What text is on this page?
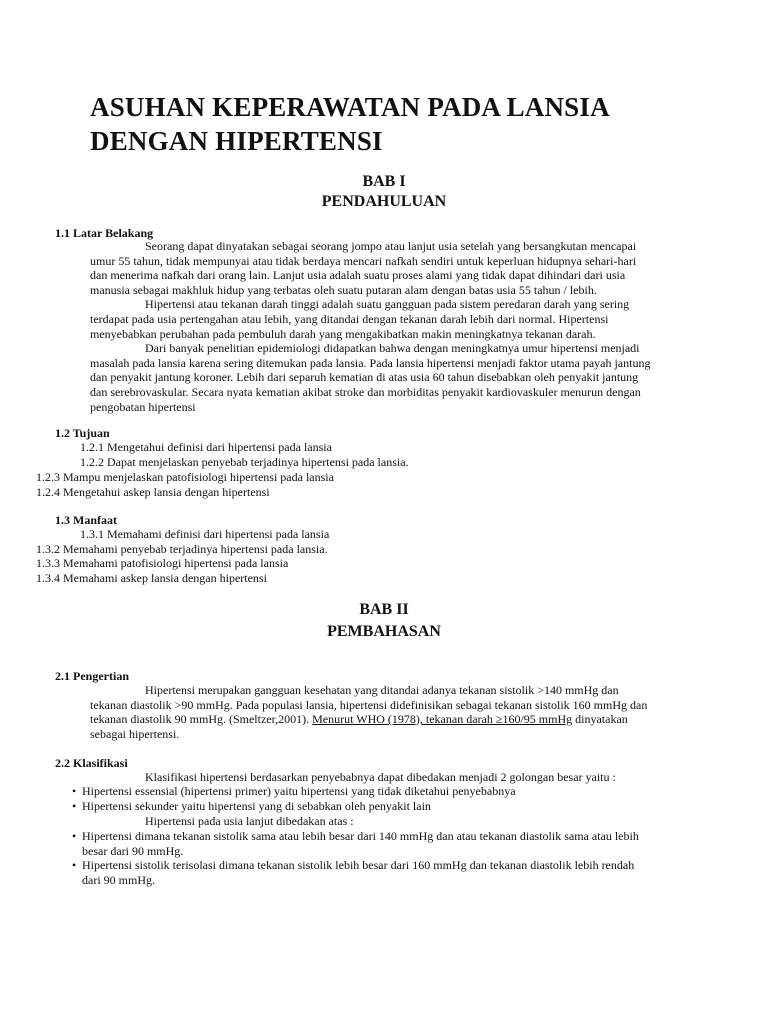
ASUHAN KEPERAWATAN PADA LANSIA
DENGAN HIPERTENSI
BAB I
PENDAHULUAN
1.1 Latar Belakang
Seorang dapat dinyatakan sebagai seorang jompo atau lanjut usia setelah yang bersangkutan mencapai
umur 55 tahun, tidak mempunyai atau tidak berdaya mencari nafkah sendiri untuk keperluan hidupnya sehari-hari
dan menerima nafkah dari orang lain. Lanjut usia adalah suatu proses alami yang tidak dapat dihindari dari usia
manusia sebagai makhluk hidup yang terbatas oleh suatu putaran alam dengan batas usia 55 tahun / lebih.
Hipertensi atau tekanan darah tinggi adalah suatu gangguan pada sistem peredaran darah yang sering
terdapat pada usia pertengahan atau lebih, yang ditandai dengan tekanan darah lebih dari normal. Hipertensi
menyebabkan perubahan pada pembuluh darah yang mengakibatkan makin meningkatnya tekanan darah.
Dari banyak penelitian epidemiologi didapatkan bahwa dengan meningkatnya umur hipertensi menjadi
masalah pada lansia karena sering ditemukan pada lansia. Pada lansia hipertensi menjadi faktor utama payah jantung
dan penyakit jantung koroner. Lebih dari separuh kematian di atas usia 60 tahun disebabkan oleh penyakit jantung
dan serebrovaskular. Secara nyata kematian akibat stroke dan morbiditas penyakit kardiovaskuler menurun dengan
pengobatan hipertensi
1.2 Tujuan
1.2.1 Mengetahui definisi dari hipertensi pada lansia
1.2.2 Dapat menjelaskan penyebab terjadinya hipertensi pada lansia.
1.2.3 Mampu menjelaskan patofisiologi hipertensi pada lansia
1.2.4 Mengetahui askep lansia dengan hipertensi
1.3 Manfaat
1.3.1 Memahami definisi dari hipertensi pada lansia
1.3.2 Memahami penyebab terjadinya hipertensi pada lansia.
1.3.3 Memahami patofisiologi hipertensi pada lansia
1.3.4 Memahami askep lansia dengan hipertensi
BAB II
PEMBAHASAN
2.1 Pengertian
Hipertensi merupakan gangguan kesehatan yang ditandai adanya tekanan sistolik >140 mmHg dan
tekanan diastolik >90 mmHg. Pada populasi lansia, hipertensi didefinisikan sebagai tekanan sistolik 160 mmHg dan
tekanan diastolik 90 mmHg. (Smeltzer,2001). Menurut WHO (1978), tekanan darah ≥160/95 mmHg dinyatakan
sebagai hipertensi.
2.2 Klasifikasi
Klasifikasi hipertensi berdasarkan penyebabnya dapat dibedakan menjadi 2 golongan besar yaitu :
• Hipertensi essensial (hipertensi primer) yaitu hipertensi yang tidak diketahui penyebabnya
• Hipertensi sekunder yaitu hipertensi yang di sebabkan oleh penyakit lain
Hipertensi pada usia lanjut dibedakan atas :
• Hipertensi dimana tekanan sistolik sama atau lebih besar dari 140 mmHg dan atau tekanan diastolik sama atau lebih
besar dari 90 mmHg.
• Hipertensi sistolik terisolasi dimana tekanan sistolik lebih besar dari 160 mmHg dan tekanan diastolik lebih rendah
dari 90 mmHg.
